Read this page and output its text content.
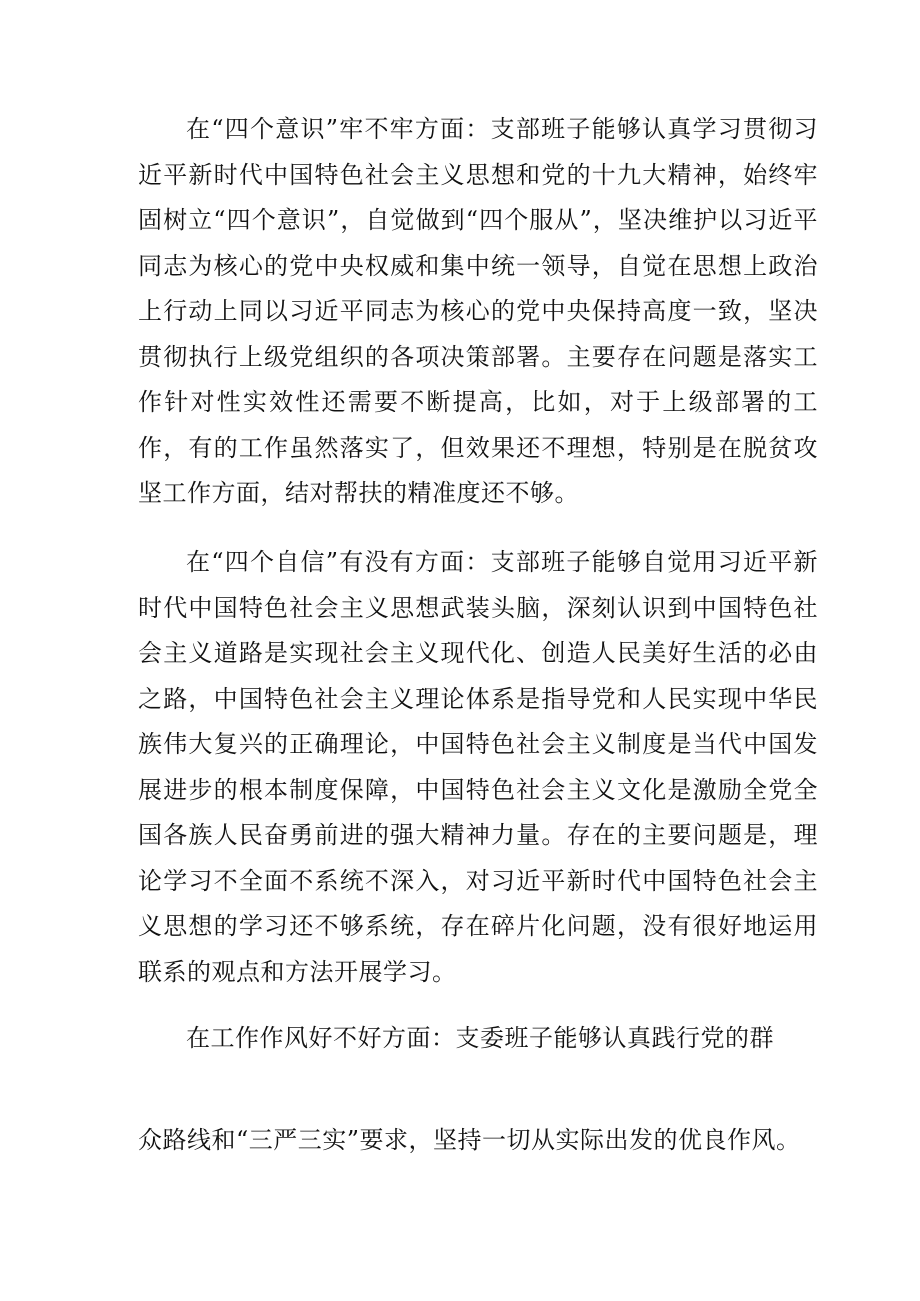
在“四个意识”牢不牢方面：支部班子能够认真学习贯彻习近平新时代中国特色社会主义思想和党的十九大精神，始终牢固树立“四个意识”，自觉做到“四个服从”，坚决维护以习近平同志为核心的党中央权威和集中统一领导，自觉在思想上政治上行动上同以习近平同志为核心的党中央保持高度一致，坚决贯彻执行上级党组织的各项决策部署。主要存在问题是落实工作针对性实效性还需要不断提高，比如，对于上级部署的工作，有的工作虽然落实了，但效果还不理想，特别是在脱贫攻坚工作方面，结对帮扶的精准度还不够。

在“四个自信”有没有方面：支部班子能够自觉用习近平新时代中国特色社会主义思想武装头脑，深刻认识到中国特色社会主义道路是实现社会主义现代化、创造人民美好生活的必由之路，中国特色社会主义理论体系是指导党和人民实现中华民族伟大复兴的正确理论，中国特色社会主义制度是当代中国发展进步的根本制度保障，中国特色社会主义文化是激励全党全国各族人民奋勇前进的强大精神力量。存在的主要问题是，理论学习不全面不系统不深入，对习近平新时代中国特色社会主义思想的学习还不够系统，存在碎片化问题，没有很好地运用联系的观点和方法开展学习。

在工作作风好不好方面：支委班子能够认真践行党的群

众路线和“三严三实”要求，坚持一切从实际出发的优良作风。
